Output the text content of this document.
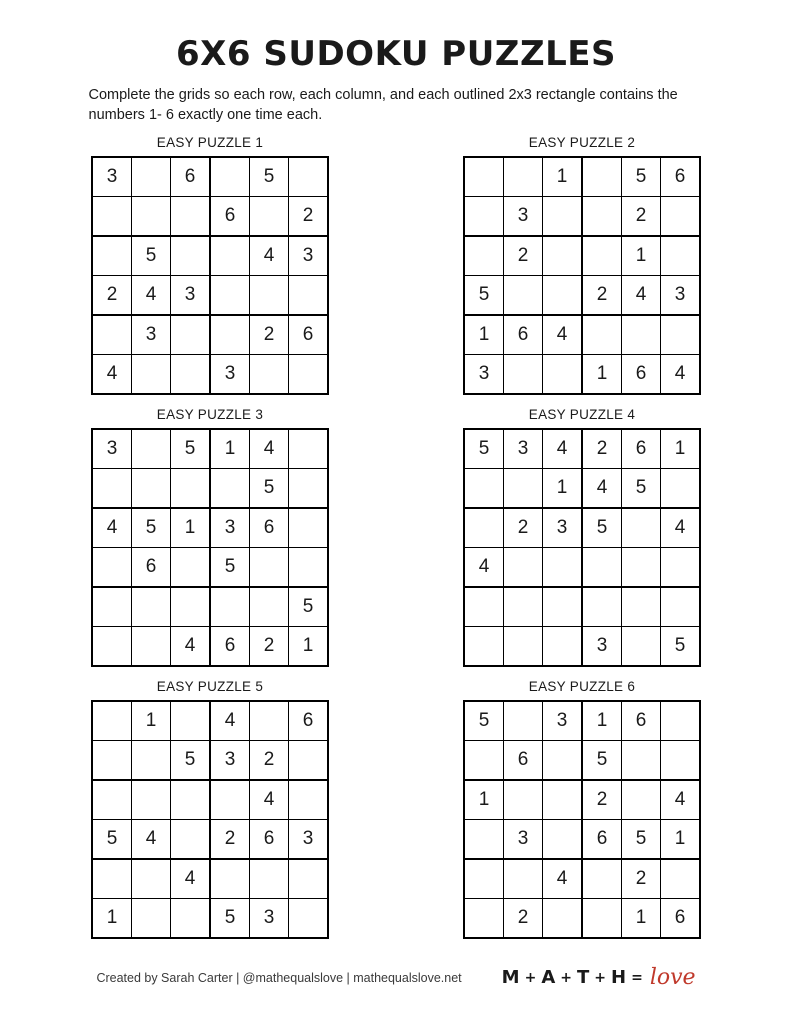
6X6 SUDOKU PUZZLES

Complete the grids so each row, each column, and each outlined 2x3 rectangle contains the numbers 1- 6 exactly one time each.

EASY PUZZLE 1
3		6		5	
			6		2
	5			4	3
2	4	3			
	3			2	6
4			3		
EASY PUZZLE 2
		1		5	6
	3			2	
	2			1	
5			2	4	3
1	6	4			
3			1	6	4
EASY PUZZLE 3
3		5	1	4	
				5	
4	5	1	3	6	
	6		5		
					5
		4	6	2	1
EASY PUZZLE 4
5	3	4	2	6	1
		1	4	5	
	2	3	5		4
4					

			3		5
EASY PUZZLE 5
	1		4		6
		5	3	2	
				4	
5	4		2	6	3
		4			
1			5	3	
EASY PUZZLE 6
5		3	1	6	
	6		5		
1			2		4
	3		6	5	1
		4		2	
	2			1	6
Created by Sarah Carter | @mathequalslove | mathequalslove.net M + A + T + H = love
